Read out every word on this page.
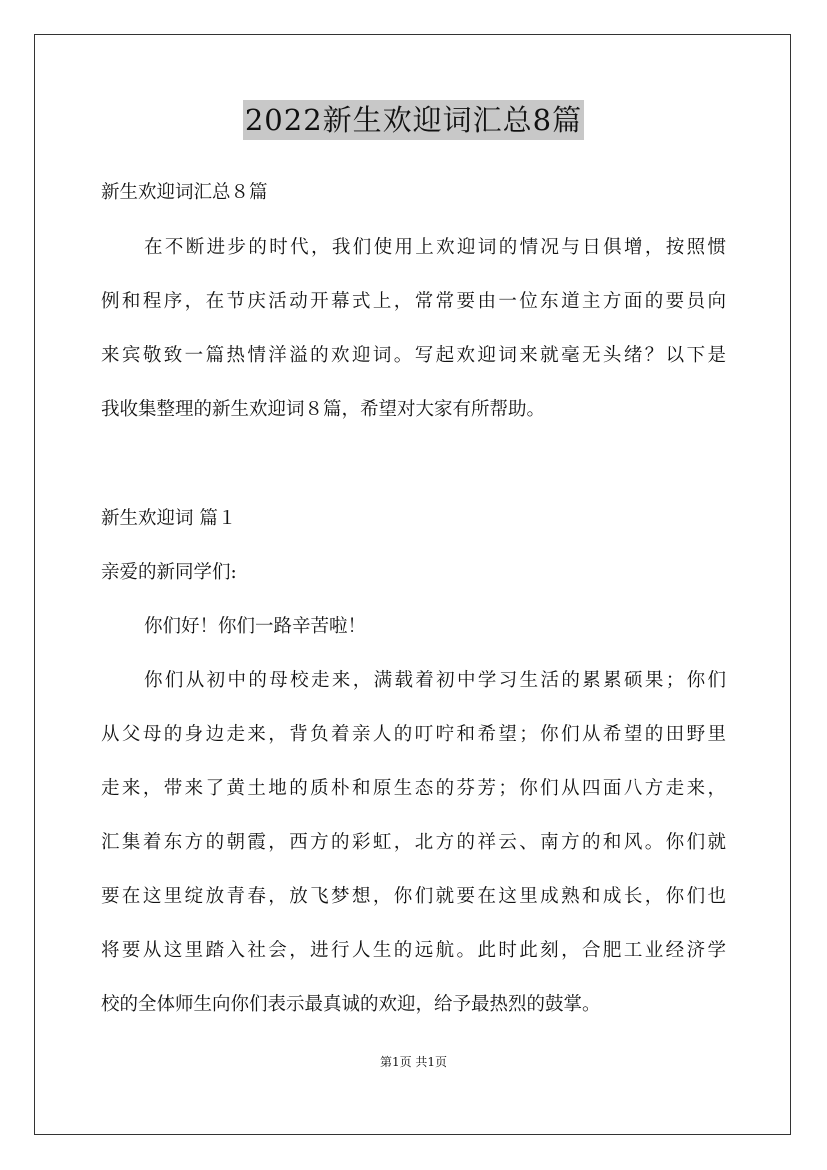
2022新生欢迎词汇总8篇
新生欢迎词汇总８篇
在不断进步的时代，我们使用上欢迎词的情况与日俱增，按照惯
例和程序，在节庆活动开幕式上，常常要由一位东道主方面的要员向
来宾敬致一篇热情洋溢的欢迎词。写起欢迎词来就毫无头绪？以下是
我收集整理的新生欢迎词８篇，希望对大家有所帮助。
新生欢迎词 篇１
亲爱的新同学们:
你们好！你们一路辛苦啦！
你们从初中的母校走来，满载着初中学习生活的累累硕果；你们
从父母的身边走来，背负着亲人的叮咛和希望；你们从希望的田野里
走来，带来了黄土地的质朴和原生态的芬芳；你们从四面八方走来，
汇集着东方的朝霞，西方的彩虹，北方的祥云、南方的和风。你们就
要在这里绽放青春，放飞梦想，你们就要在这里成熟和成长，你们也
将要从这里踏入社会，进行人生的远航。此时此刻，合肥工业经济学
校的全体师生向你们表示最真诚的欢迎，给予最热烈的鼓掌。
第1页 共1页
